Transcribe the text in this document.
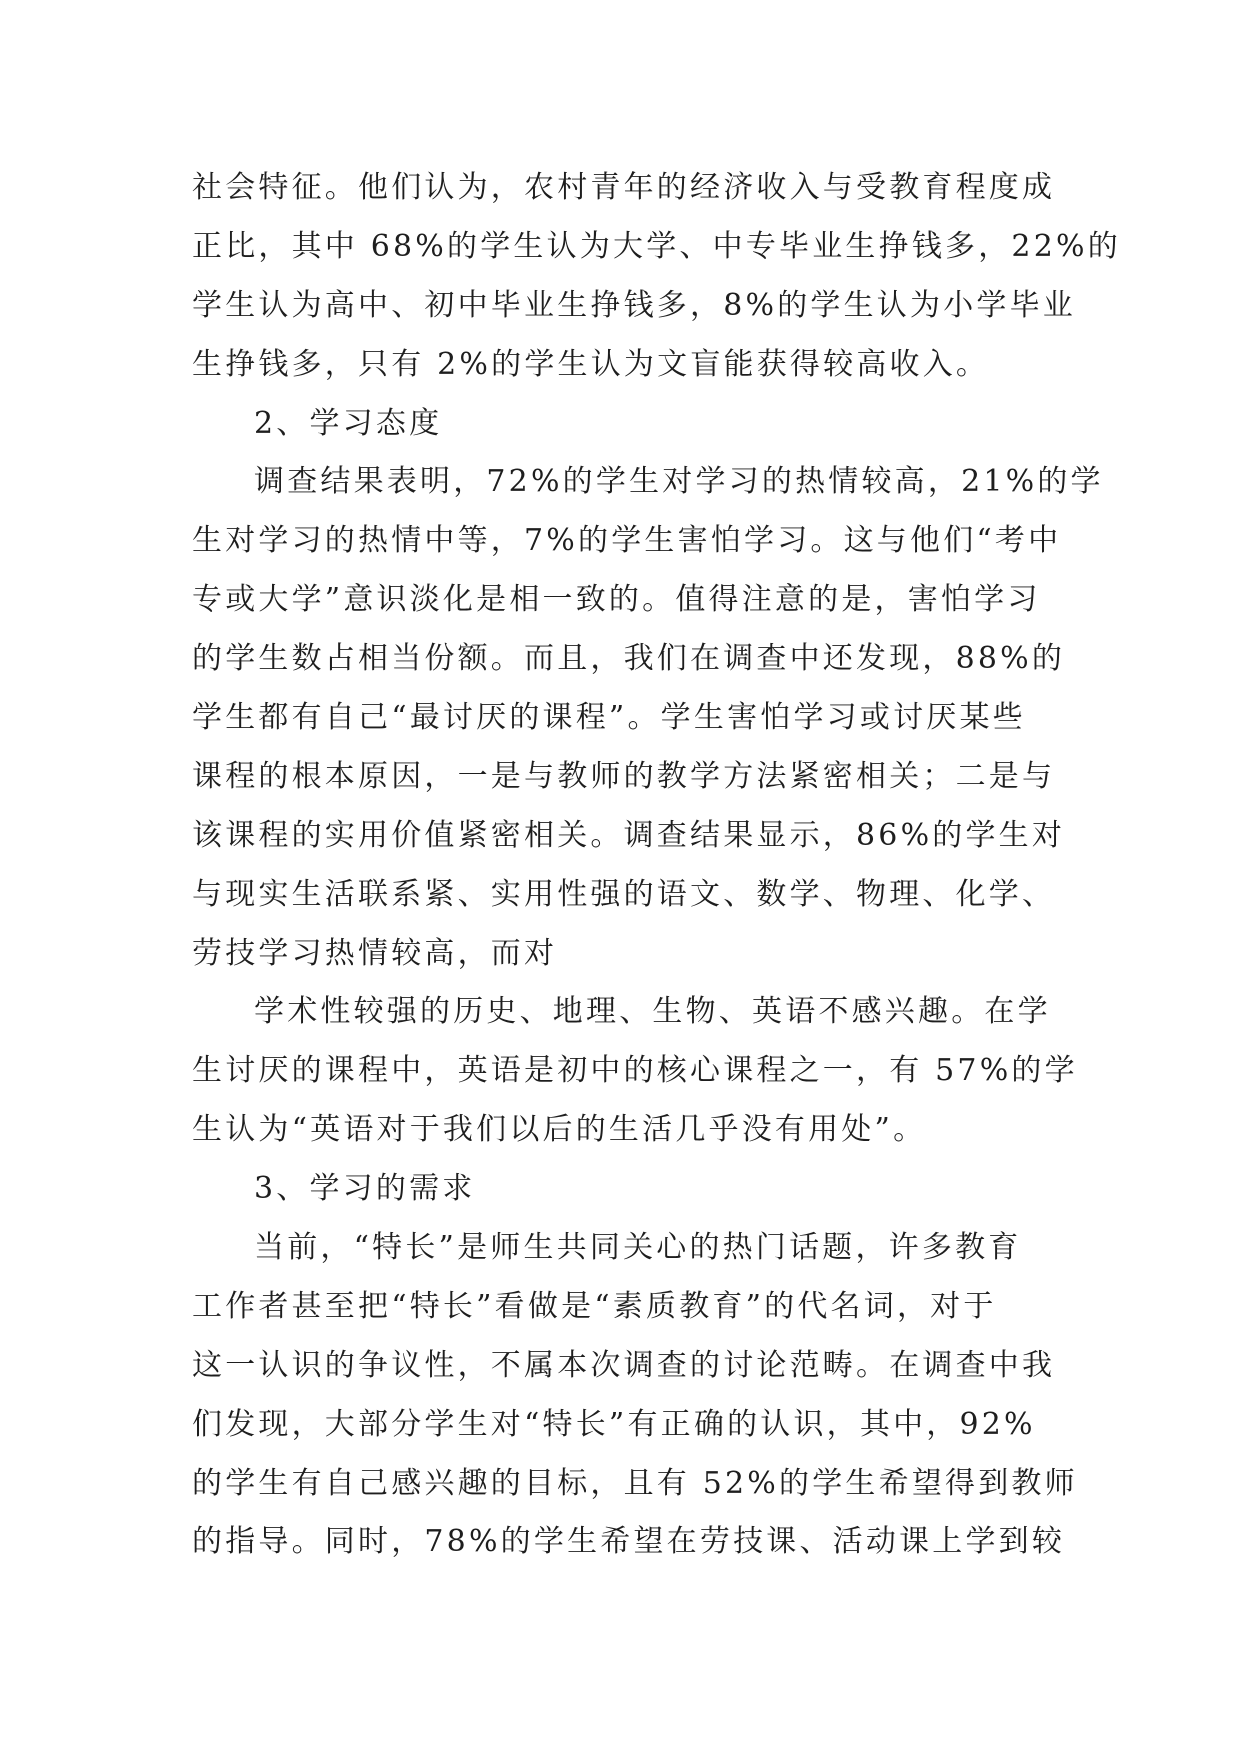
社会特征。他们认为，农村青年的经济收入与受教育程度成
正比，其中 68%的学生认为大学、中专毕业生挣钱多，22%的
学生认为高中、初中毕业生挣钱多，8%的学生认为小学毕业
生挣钱多，只有 2%的学生认为文盲能获得较高收入。
2、学习态度
调查结果表明，72%的学生对学习的热情较高，21%的学
生对学习的热情中等，7%的学生害怕学习。这与他们“考中
专或大学”意识淡化是相一致的。值得注意的是，害怕学习
的学生数占相当份额。而且，我们在调查中还发现，88%的
学生都有自己“最讨厌的课程”。学生害怕学习或讨厌某些
课程的根本原因，一是与教师的教学方法紧密相关；二是与
该课程的实用价值紧密相关。调查结果显示，86%的学生对
与现实生活联系紧、实用性强的语文、数学、物理、化学、
劳技学习热情较高，而对
学术性较强的历史、地理、生物、英语不感兴趣。在学
生讨厌的课程中，英语是初中的核心课程之一，有 57%的学
生认为“英语对于我们以后的生活几乎没有用处”。
3、学习的需求
当前，“特长”是师生共同关心的热门话题，许多教育
工作者甚至把“特长”看做是“素质教育”的代名词，对于
这一认识的争议性，不属本次调查的讨论范畴。在调查中我
们发现，大部分学生对“特长”有正确的认识，其中，92%
的学生有自己感兴趣的目标，且有 52%的学生希望得到教师
的指导。同时，78%的学生希望在劳技课、活动课上学到较
